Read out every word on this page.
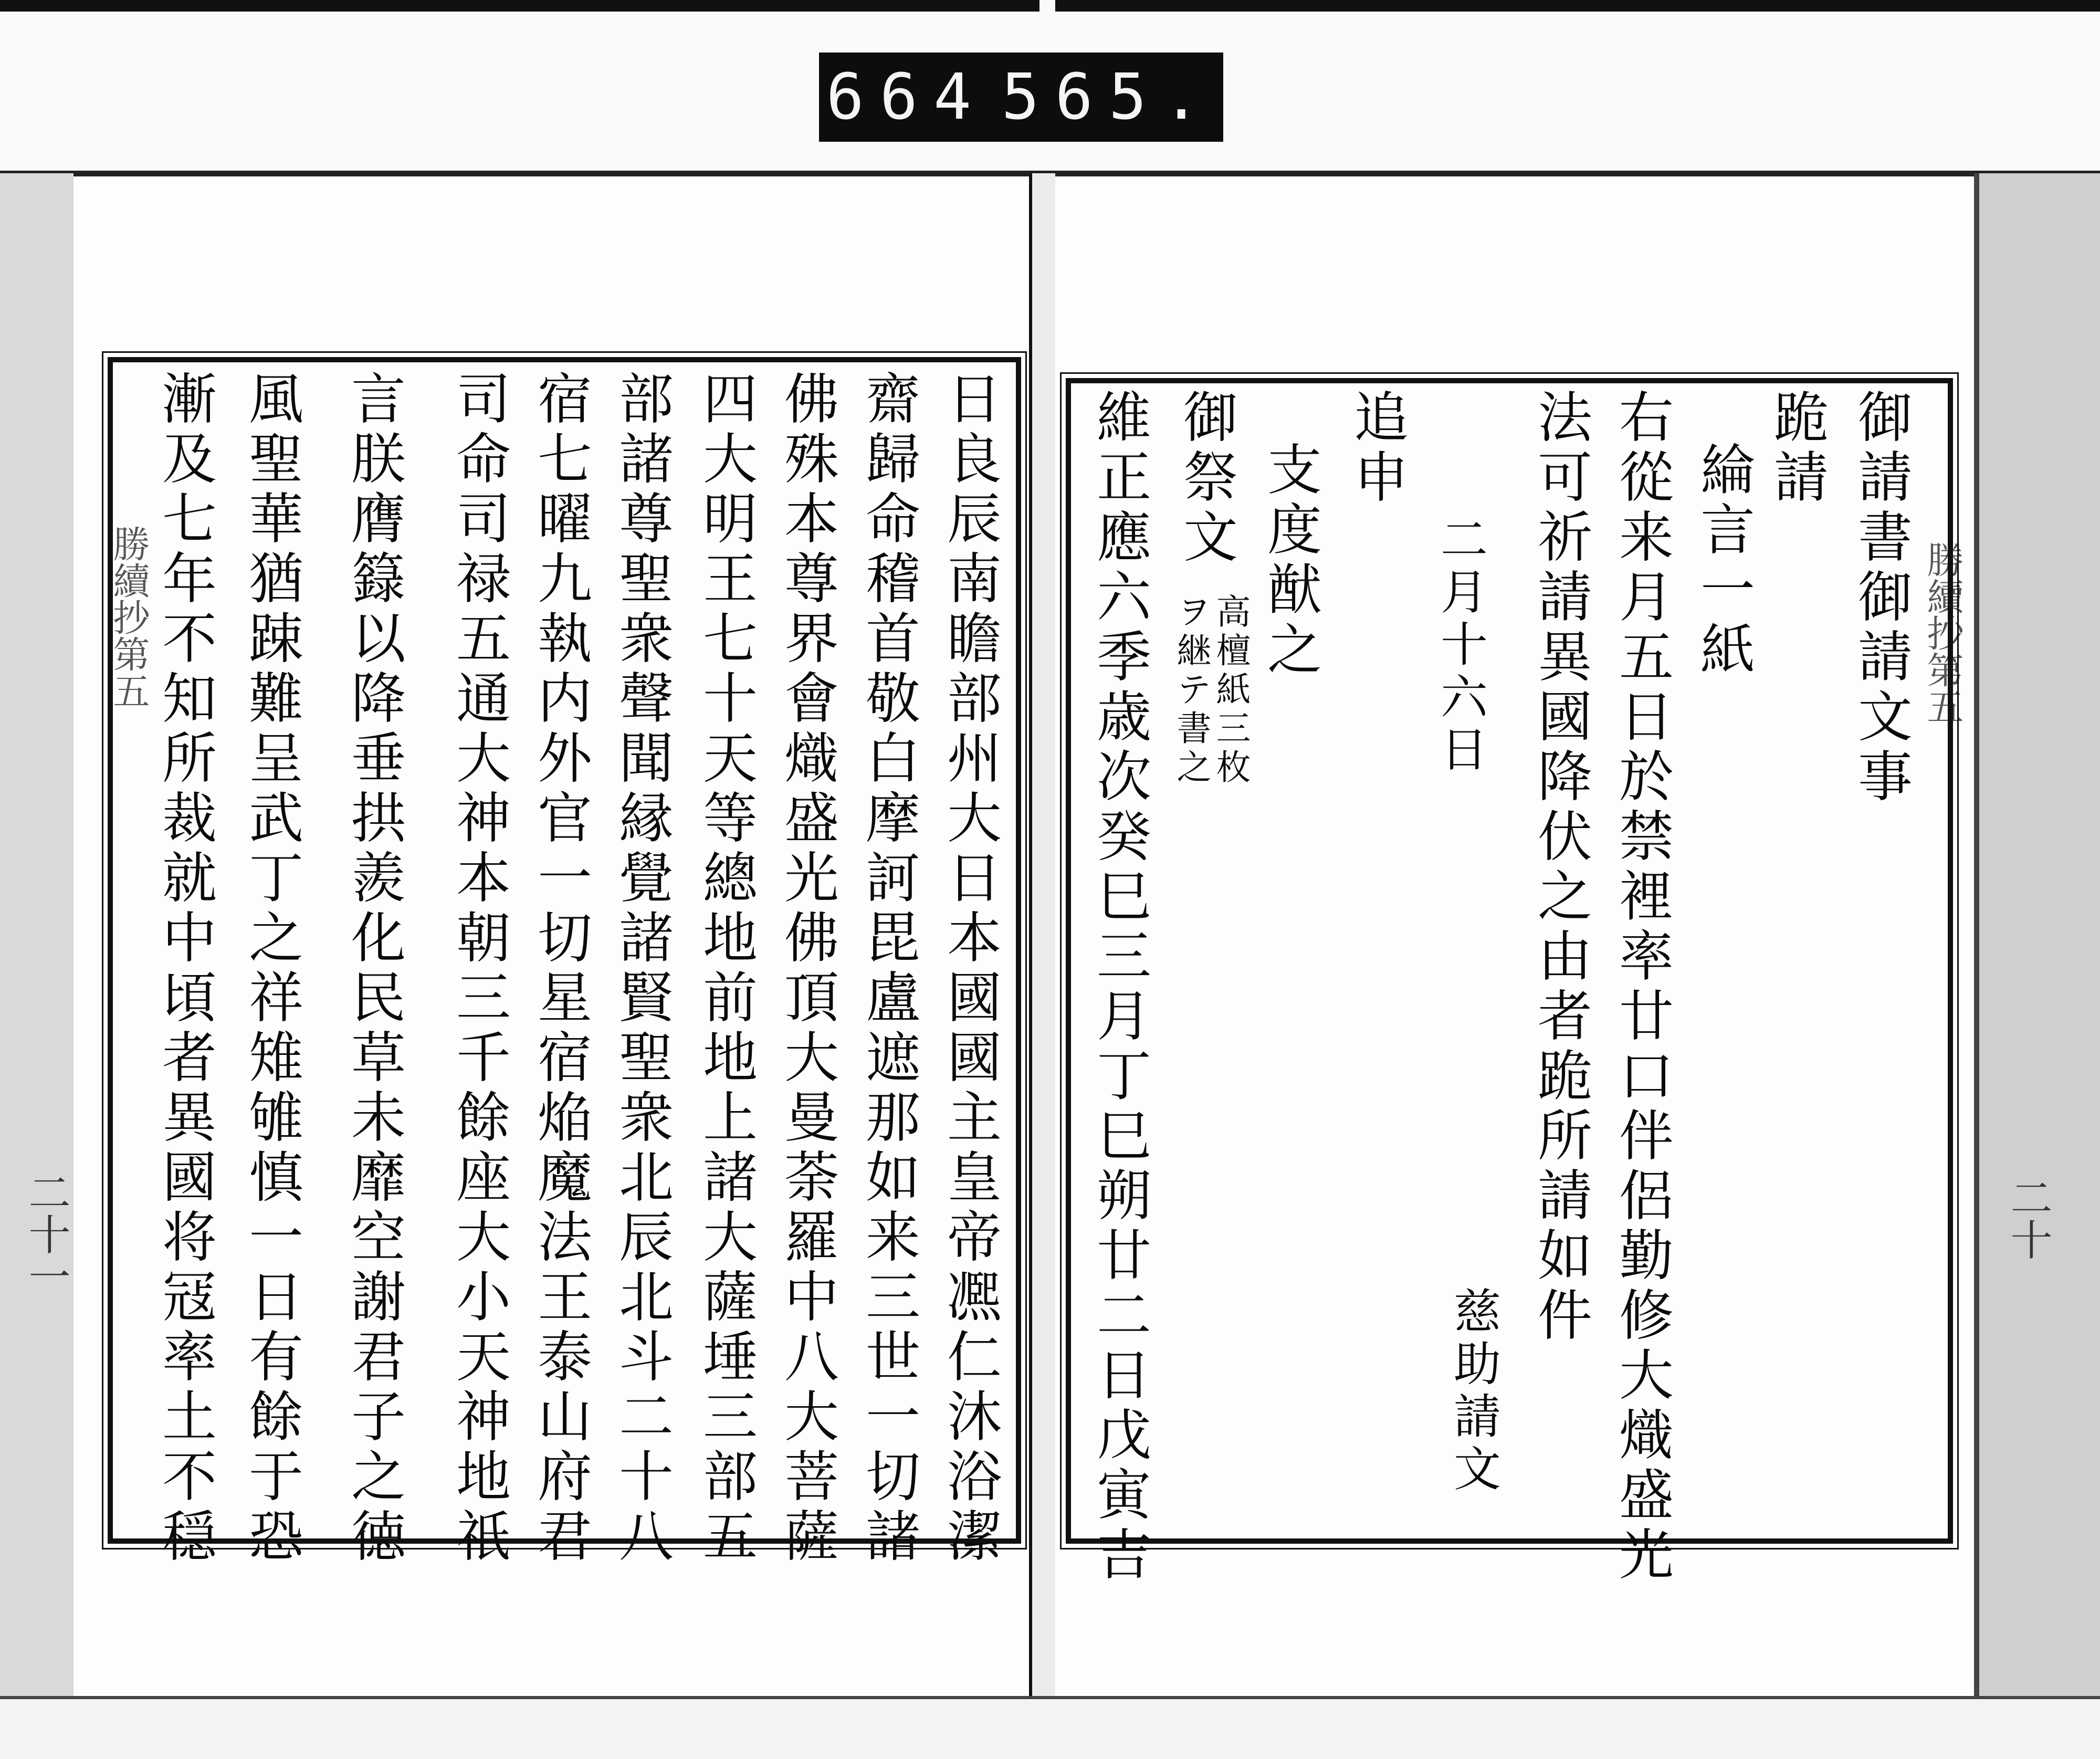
664 565.
勝續抄第五
二十一
勝續抄第五
二十
日良辰南瞻部州大日本國國主皇帝凞仁沐浴潔
齋歸命稽首敬白摩訶毘盧遮那如来三世一切諸
佛殊本尊界會熾盛光佛頂大曼荼羅中八大菩薩
四大明王七十天等總地前地上諸大薩埵三部五
部諸尊聖衆聲聞縁覺諸賢聖衆北辰北斗二十八
宿七曜九執内外官一切星宿焔魔法王泰山府君
司命司禄五通大神本朝三千餘座大小天神地祇
言朕膺籙以降垂拱羨化民草未靡空謝君子之徳
風聖華猶踈難呈武丁之祥雉雊慎一日有餘于恐
漸及七年不知所裁就中頃者異國将冦率土不穏	御請書御請文事
跪請
綸言一紙
右從来月五日於禁裡率廿口伴侶勤修大熾盛光
法可祈請異國降伏之由者跪所請如件
二月十六日
慈助請文
追申
支度猷之
御祭文
ヲ継テ書之
高檀紙三枚
維正應六季歳次癸巳三月丁巳朔廿二日戊寅吉
